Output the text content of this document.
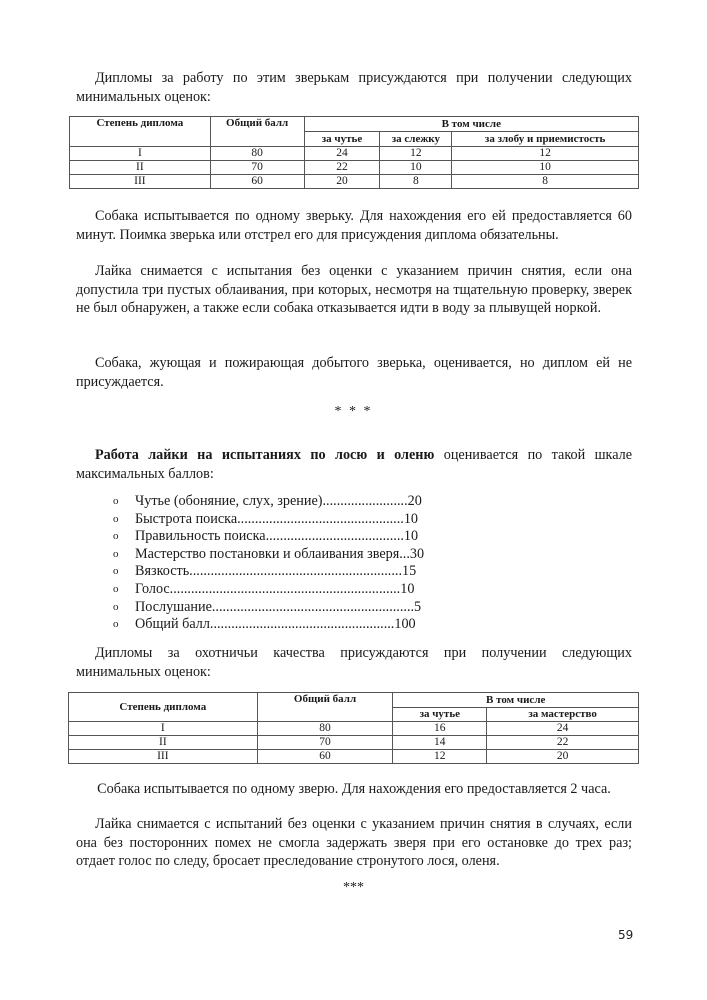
Дипломы за работу по этим зверькам присуждаются при получении следующих минимальных оценок:

Степень диплома	Общий балл	В том числе		
		за чутье	за слежку	за злобу и приемистость
I	80	24	12	12
II	70	22	10	10
III	60	20	8	8

Собака испытывается по одному зверьку. Для нахождения его ей предоставляется 60 минут. Поимка зверька или отстрел его для присуждения диплома обязательны.

Лайка снимается с испытания без оценки с указанием причин снятия, если она допустила три пустых облаивания, при которых, несмотря на тщательную проверку, зверек не был обнаружен, а также если собака отказывается идти в воду за плывущей норкой.

Собака, жующая и пожирающая добытого зверька, оценивается, но диплом ей не присуждается.

* * *

Работа лайки на испытаниях по лосю и оленю оценивается по такой шкале максимальных баллов:

o Чутье (обоняние, слух, зрение)........................20
o Быстрота поиска...............................................10
o Правильность поиска.......................................10
o Мастерство постановки и облаивания зверя...30
o Вязкость............................................................15
o Голос.................................................................10
o Послушание.........................................................5
o Общий балл....................................................100

Дипломы за охотничьи качества присуждаются при получении следующих минимальных оценок:

Степень диплома	Общий балл	В том числе	
		за чутье	за мастерство
I	80	16	24
II	70	14	22
III	60	12	20

Собака испытывается по одному зверю. Для нахождения его предоставляется 2 часа.

Лайка снимается с испытаний без оценки с указанием причин снятия в случаях, если она без посторонних помех не смогла задержать зверя при его остановке до трех раз; отдает голос по следу, бросает преследование стронутого лося, оленя.

***
59
